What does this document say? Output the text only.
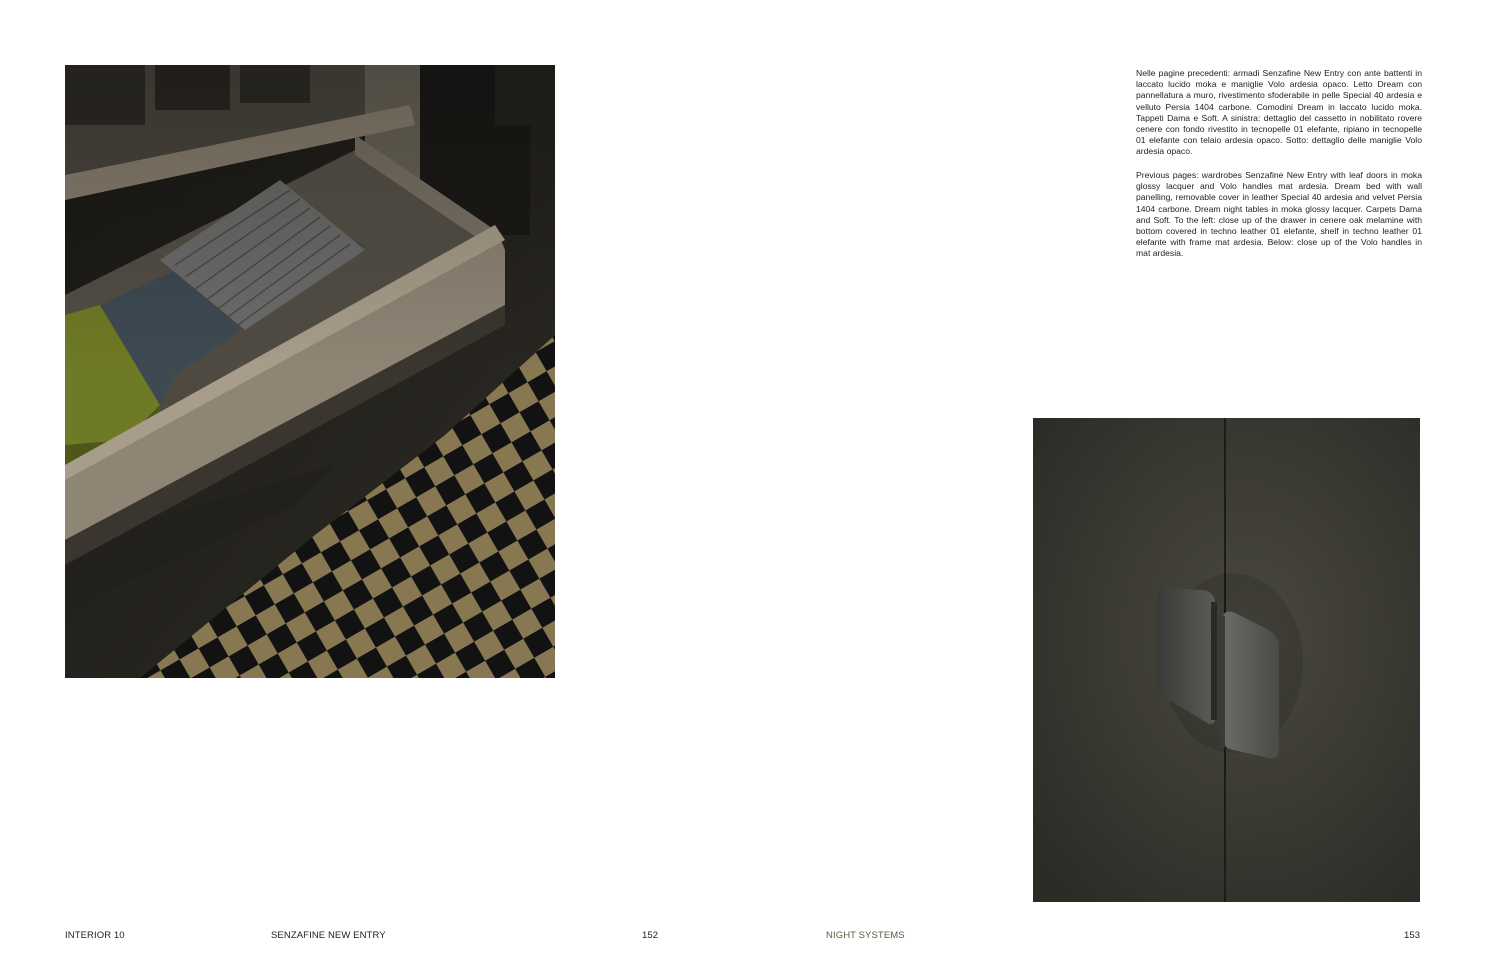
Nelle pagine precedenti: armadi Senzafine New Entry con ante battenti in laccato lucido moka e maniglie Volo ardesia opaco. Letto Dream con pannellatura a muro, rivestimento sfoderabile in pelle Special 40 ardesia e velluto Persia 1404 carbone. Comodini Dream in laccato lucido moka. Tappeti Dama e Soft. A sinistra: dettaglio del cassetto in nobilitato rovere cenere con fondo rivestito in tecnopelle 01 elefante, ripiano in tecnopelle 01 elefante con telaio ardesia opaco. Sotto: dettaglio delle maniglie Volo ardesia opaco.
Previous pages: wardrobes Senzafine New Entry with leaf doors in moka glossy lacquer and Volo handles mat ardesia. Dream bed with wall panelling, removable cover in leather Special 40 ardesia and velvet Persia 1404 carbone. Dream night tables in moka glossy lacquer. Carpets Dama and Soft. To the left: close up of the drawer in cenere oak melamine with bottom covered in techno leather 01 elefante, shelf in techno leather 01 elefante with frame mat ardesia. Below: close up of the Volo handles in mat ardesia.
INTERIOR 10	SENZAFINE NEW ENTRY	152	NIGHT SYSTEMS	153
